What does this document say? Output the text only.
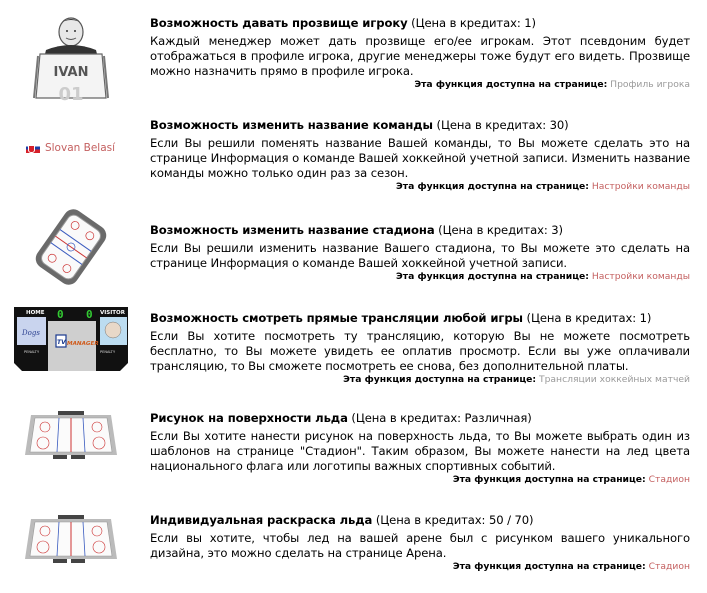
IVAN
01
Возможность давать прозвище игроку (Цена в кредитах: 1)

Каждый менеджер может дать прозвище его/ее игрокам. Этот псевдоним будет отображаться в профиле игрока, другие менеджеры тоже будут его видеть. Прозвище можно назначить прямо в профиле игрока.

Эта функция доступна на странице: Профиль игрока

Slovan Belasí
Возможность изменить название команды (Цена в кредитах: 30)

Если Вы решили поменять название Вашей команды, то Вы можете сделать это на странице Информация о команде Вашей хоккейной учетной записи. Изменить название команды можно только один раз за сезон.

Эта функция доступна на странице: Настройки команды

Возможность изменить название стадиона (Цена в кредитах: 3)

Если Вы решили изменить название Вашего стадиона, то Вы можете это сделать на странице Информация о команде Вашей хоккейной учетной записи.

Эта функция доступна на странице: Настройки команды

HOME	VISITOR
Dogs
0 0
TV MANAGER
PENALTY	PENALTY
Возможность смотреть прямые трансляции любой игры (Цена в кредитах: 1)

Если Вы хотите посмотреть ту трансляцию, которую Вы не можете посмотреть бесплатно, то Вы можете увидеть ее оплатив просмотр. Если вы уже оплачивали трансляцию, то Вы сможете посмотреть ее снова, без дополнительной платы.

Эта функция доступна на странице: Трансляции хоккейных матчей

Рисунок на поверхности льда (Цена в кредитах: Различная)

Если Вы хотите нанести рисунок на поверхность льда, то Вы можете выбрать один из шаблонов на странице "Стадион". Таким образом, Вы можете нанести на лед цвета национального флага или логотипы важных спортивных событий.

Эта функция доступна на странице: Стадион

Индивидуальная раскраска льда (Цена в кредитах: 50 / 70)

Если вы хотите, чтобы лед на вашей арене был с рисунком вашего уникального дизайна, это можно сделать на странице Арена.

Эта функция доступна на странице: Стадион
